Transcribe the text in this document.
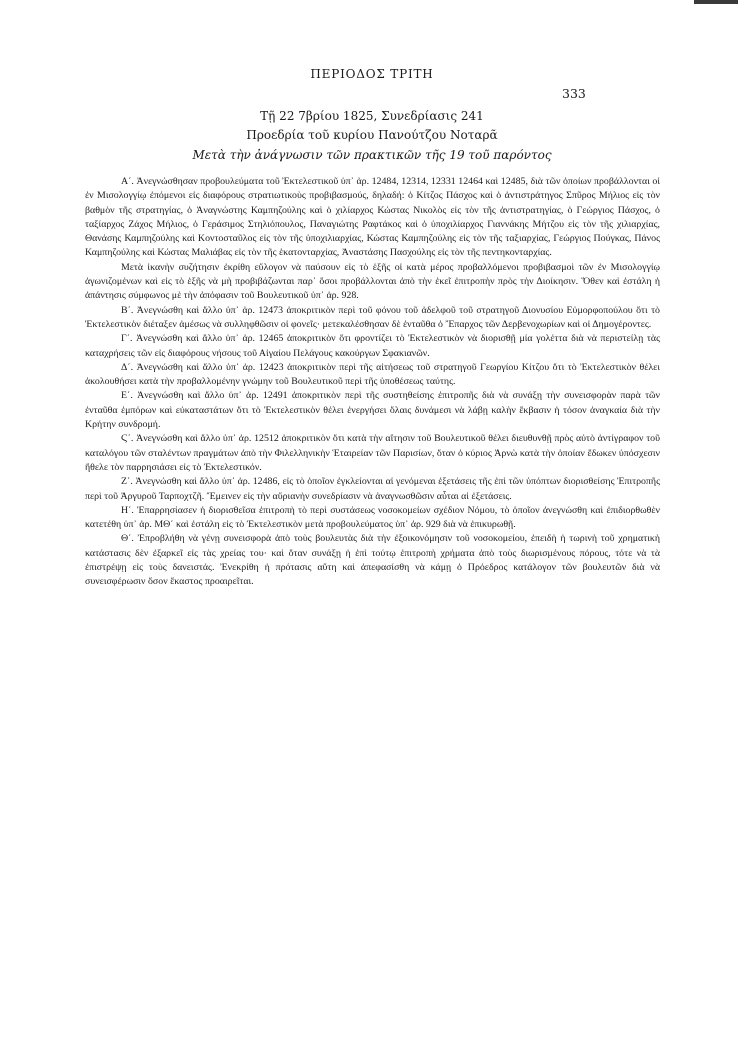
ΠΕΡΙΟΔΟΣ ΤΡΙΤΗ
333

Τῇ 22 7βρίου 1825, Συνεδρίασις 241

Προεδρία τοῦ κυρίου Πανούτζου Νοταρᾶ

Μετὰ τὴν ἀνάγνωσιν τῶν πρακτικῶν τῆς 19 τοῦ παρόντος

Α΄. Ἀνεγνώσθησαν προβουλεύματα τοῦ Ἐκτελεστικοῦ ὑπ᾿ ἀρ. 12484, 12314, 12331 12464 καὶ 12485, διὰ τῶν ὁποίων προβάλλονται οἱ ἐν Μισολογγίῳ ἐπόμενοι εἰς διαφόρους στρατιωτικοὺς προβιβασμούς, δηλαδή: ὁ Κίτζος Πάσχος καὶ ὁ ἀντιστράτηγος Σπῦρος Μήλιος εἰς τὸν βαθμὸν τῆς στρατηγίας, ὁ Ἀναγνώστης Καμπηζούλης καὶ ὁ χιλίαρχος Κώστας Νικολὸς εἰς τὸν τῆς ἀντιστρατηγίας, ὁ Γεώργιος Πάσχος, ὁ ταξίαρχος Ζάχος Μήλιος, ὁ Γεράσιμος Στηλιόπουλος, Παναγιώτης Ραφτάκος καὶ ὁ ὑποχιλίαρχος Γιαννάκης Μήτζου εἰς τὸν τῆς χιλιαρχίας, Θανάσης Καμπηζούλης καὶ Κοντοσταῦλος εἰς τὸν τῆς ὑποχιλιαρχίας, Κώστας Καμπηζούλης εἰς τὸν τῆς ταξιαρχίας, Γεώργιος Πούγκας, Πάνος Καμπηζούλης καὶ Κώστας Μαλιάβας εἰς τὸν τῆς ἑκατονταρχίας, Ἀναστάσης Πασχούλης εἰς τὸν τῆς πεντηκονταρχίας.

Μετὰ ἱκανὴν συζήτησιν ἐκρίθη εὔλογον νὰ παύσουν εἰς τὸ ἑξῆς οἱ κατὰ μέρος προβαλλόμενοι προβιβασμοὶ τῶν ἐν Μισολογγίῳ ἀγωνιζομένων καὶ εἰς τὸ ἑξῆς νὰ μὴ προβιβάζωνται παρ᾿ ὅσοι προβάλλονται ἀπὸ τὴν ἐκεῖ ἐπιτροπὴν πρὸς τὴν Διοίκησιν. Ὅθεν καὶ ἐστάλη ἡ ἀπάντησις σύμφωνος μὲ τὴν ἀπόφασιν τοῦ Βουλευτικοῦ ὑπ᾿ ἀρ. 928.

Β΄. Ἀνεγνώσθη καὶ ἄλλο ὑπ᾿ ἀρ. 12473 ἀποκριτικὸν περὶ τοῦ φόνου τοῦ ἀδελφοῦ τοῦ στρατηγοῦ Διονυσίου Εὐμορφοπούλου ὅτι τὸ Ἐκτελεστικὸν διέταξεν ἀμέσως νὰ συλληφθῶσιν οἱ φονεῖς· μετεκαλέσθησαν δὲ ἐνταῦθα ὁ Ἔπαρχος τῶν Δερβενοχωρίων καὶ οἱ Δημογέροντες.

Γ΄. Ἀνεγνώσθη καὶ ἄλλο ὑπ᾿ ἀρ. 12465 ἀποκριτικὸν ὅτι φροντίζει τὸ Ἐκτελεστικὸν νὰ διορισθῇ μία γολέττα διὰ νὰ περιστείλῃ τὰς καταχρήσεις τῶν εἰς διαφόρους νήσους τοῦ Αἰγαίου Πελάγους κακούργων Σφακιανῶν.

Δ΄. Ἀνεγνώσθη καὶ ἄλλο ὑπ᾿ ἀρ. 12423 ἀποκριτικὸν περὶ τῆς αἰτήσεως τοῦ στρατηγοῦ Γεωργίου Κίτζου ὅτι τὸ Ἐκτελεστικὸν θέλει ἀκολουθήσει κατὰ τὴν προβαλλομένην γνώμην τοῦ Βουλευτικοῦ περὶ τῆς ὑποθέσεως ταύτης.

Ε΄. Ἀνεγνώσθη καὶ ἄλλο ὑπ᾿ ἀρ. 12491 ἀποκριτικὸν περὶ τῆς συστηθείσης ἐπιτροπῆς διὰ νὰ συνάξῃ τὴν συνεισφορὰν παρὰ τῶν ἐνταῦθα ἐμπόρων καὶ εὐκαταστάτων ὅτι τὸ Ἐκτελεστικὸν θέλει ἐνεργήσει ὅλαις δυνάμεσι νὰ λάβῃ καλὴν ἔκβασιν ἡ τόσον ἀναγκαία διὰ τὴν Κρήτην συνδρομή.

Ϛ΄. Ἀνεγνώσθη καὶ ἄλλο ὑπ᾿ ἀρ. 12512 ἀποκριτικὸν ὅτι κατὰ τὴν αἴτησιν τοῦ Βουλευτικοῦ θέλει διευθυνθῇ πρὸς αὐτὸ ἀντίγραφον τοῦ καταλόγου τῶν σταλέντων πραγμάτων ἀπὸ τὴν Φιλελληνικὴν Ἑταιρείαν τῶν Παρισίων, ὅταν ὁ κύριος Ἀρνὼ κατὰ τὴν ὁποίαν ἔδωκεν ὑπόσχεσιν ἤθελε τὸν παρρησιάσει εἰς τὸ Ἐκτελεστικόν.

Ζ΄. Ἀνεγνώσθη καὶ ἄλλο ὑπ᾿ ἀρ. 12486, εἰς τὸ ὁποῖον ἐγκλείονται αἱ γενόμεναι ἐξετάσεις τῆς ἐπὶ τῶν ὑπόπτων διορισθείσης Ἐπιτροπῆς περὶ τοῦ Ἀργυροῦ Ταρποχτζῆ. Ἔμεινεν εἰς τὴν αὔριανὴν συνεδρίασιν νὰ ἀναγνωσθῶσιν αὗται αἱ ἐξετάσεις.

Η΄. Ἐπαρρησίασεν ἡ διορισθεῖσα ἐπιτροπὴ τὸ περὶ συστάσεως νοσοκομείων σχέδιον Νόμου, τὸ ὁποῖον ἀνεγνώσθη καὶ ἐπιδιορθωθὲν κατετέθη ὑπ᾿ ἀρ. ΜΘ΄ καὶ ἐστάλη εἰς τὸ Ἐκτελεστικὸν μετὰ προβουλεύματος ὑπ᾿ ἀρ. 929 διὰ νὰ ἐπικυρωθῇ.

Θ΄. Ἐπροβλήθη νὰ γένῃ συνεισφορὰ ἀπὸ τοὺς βουλευτὰς διὰ τὴν ἐξοικονόμησιν τοῦ νοσοκομείου, ἐπειδὴ ἡ τωρινὴ τοῦ χρηματικὴ κατάστασις δὲν ἐξαρκεῖ εἰς τὰς χρείας του· καὶ ὅταν συνάξῃ ἡ ἐπὶ τούτῳ ἐπιτροπὴ χρήματα ἀπὸ τοὺς διωρισμένους πόρους, τότε νὰ τὰ ἐπιστρέψῃ εἰς τοὺς δανειστάς. Ἐνεκρίθη ἡ πρότασις αὕτη καὶ ἀπεφασίσθη νὰ κάμῃ ὁ Πρόεδρος κατάλογον τῶν βουλευτῶν διὰ νὰ συνεισφέρωσιν ὅσον ἕκαστος προαιρεῖται.
